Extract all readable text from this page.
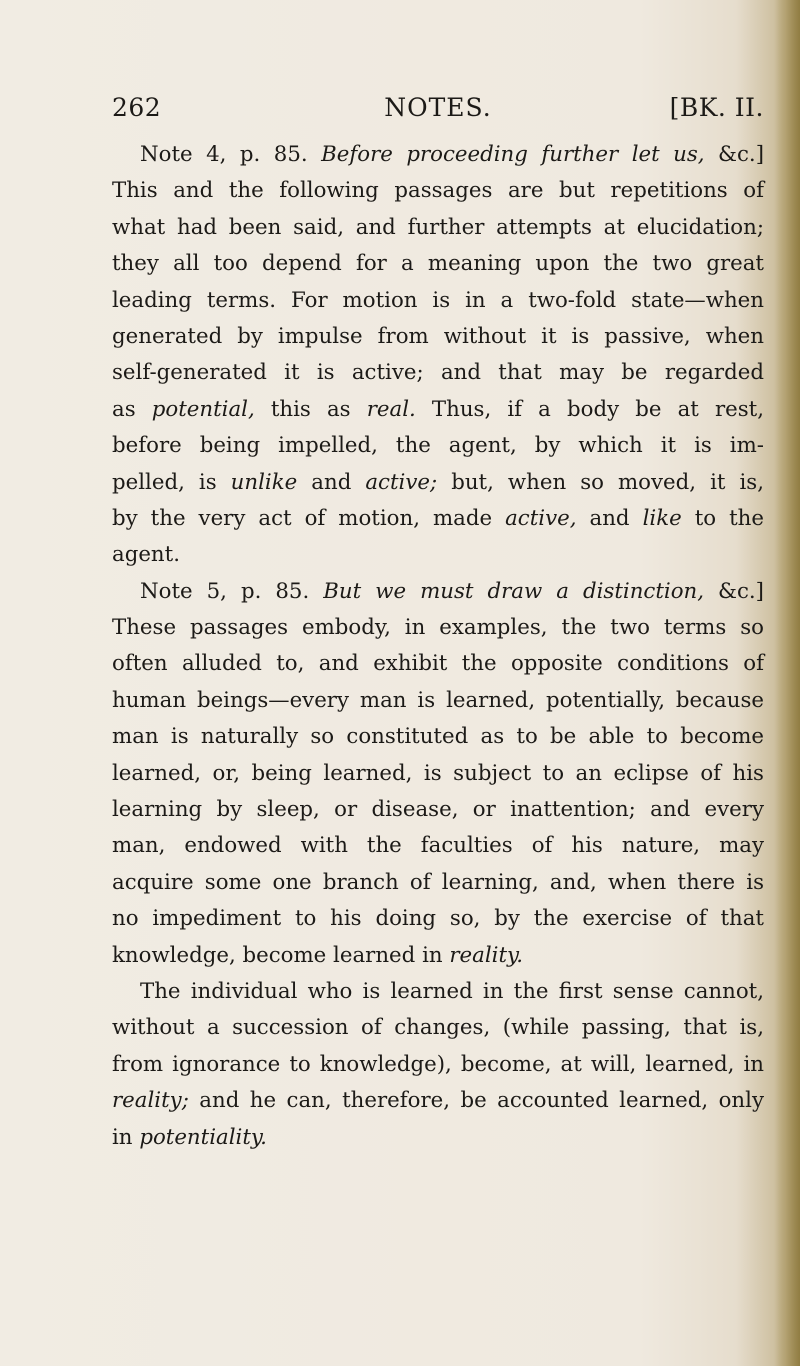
262	NOTES.	[BK. II.
Note 4, p. 85. Before proceeding further let us, &c.]
This and the following passages are but repetitions of
what had been said, and further attempts at elucidation;
they all too depend for a meaning upon the two great
leading terms. For motion is in a two-fold state—when
generated by impulse from without it is passive, when
self-generated it is active; and that may be regarded
as potential, this as real. Thus, if a body be at rest,
before being impelled, the agent, by which it is im-
pelled, is unlike and active; but, when so moved, it is,
by the very act of motion, made active, and like to the
agent.
Note 5, p. 85. But we must draw a distinction, &c.]
These passages embody, in examples, the two terms so
often alluded to, and exhibit the opposite conditions of
human beings—every man is learned, potentially, because
man is naturally so constituted as to be able to become
learned, or, being learned, is subject to an eclipse of his
learning by sleep, or disease, or inattention; and every
man, endowed with the faculties of his nature, may
acquire some one branch of learning, and, when there is
no impediment to his doing so, by the exercise of that
knowledge, become learned in reality.
The individual who is learned in the first sense cannot,
without a succession of changes, (while passing, that is,
from ignorance to knowledge), become, at will, learned, in
reality; and he can, therefore, be accounted learned, only
in potentiality.
